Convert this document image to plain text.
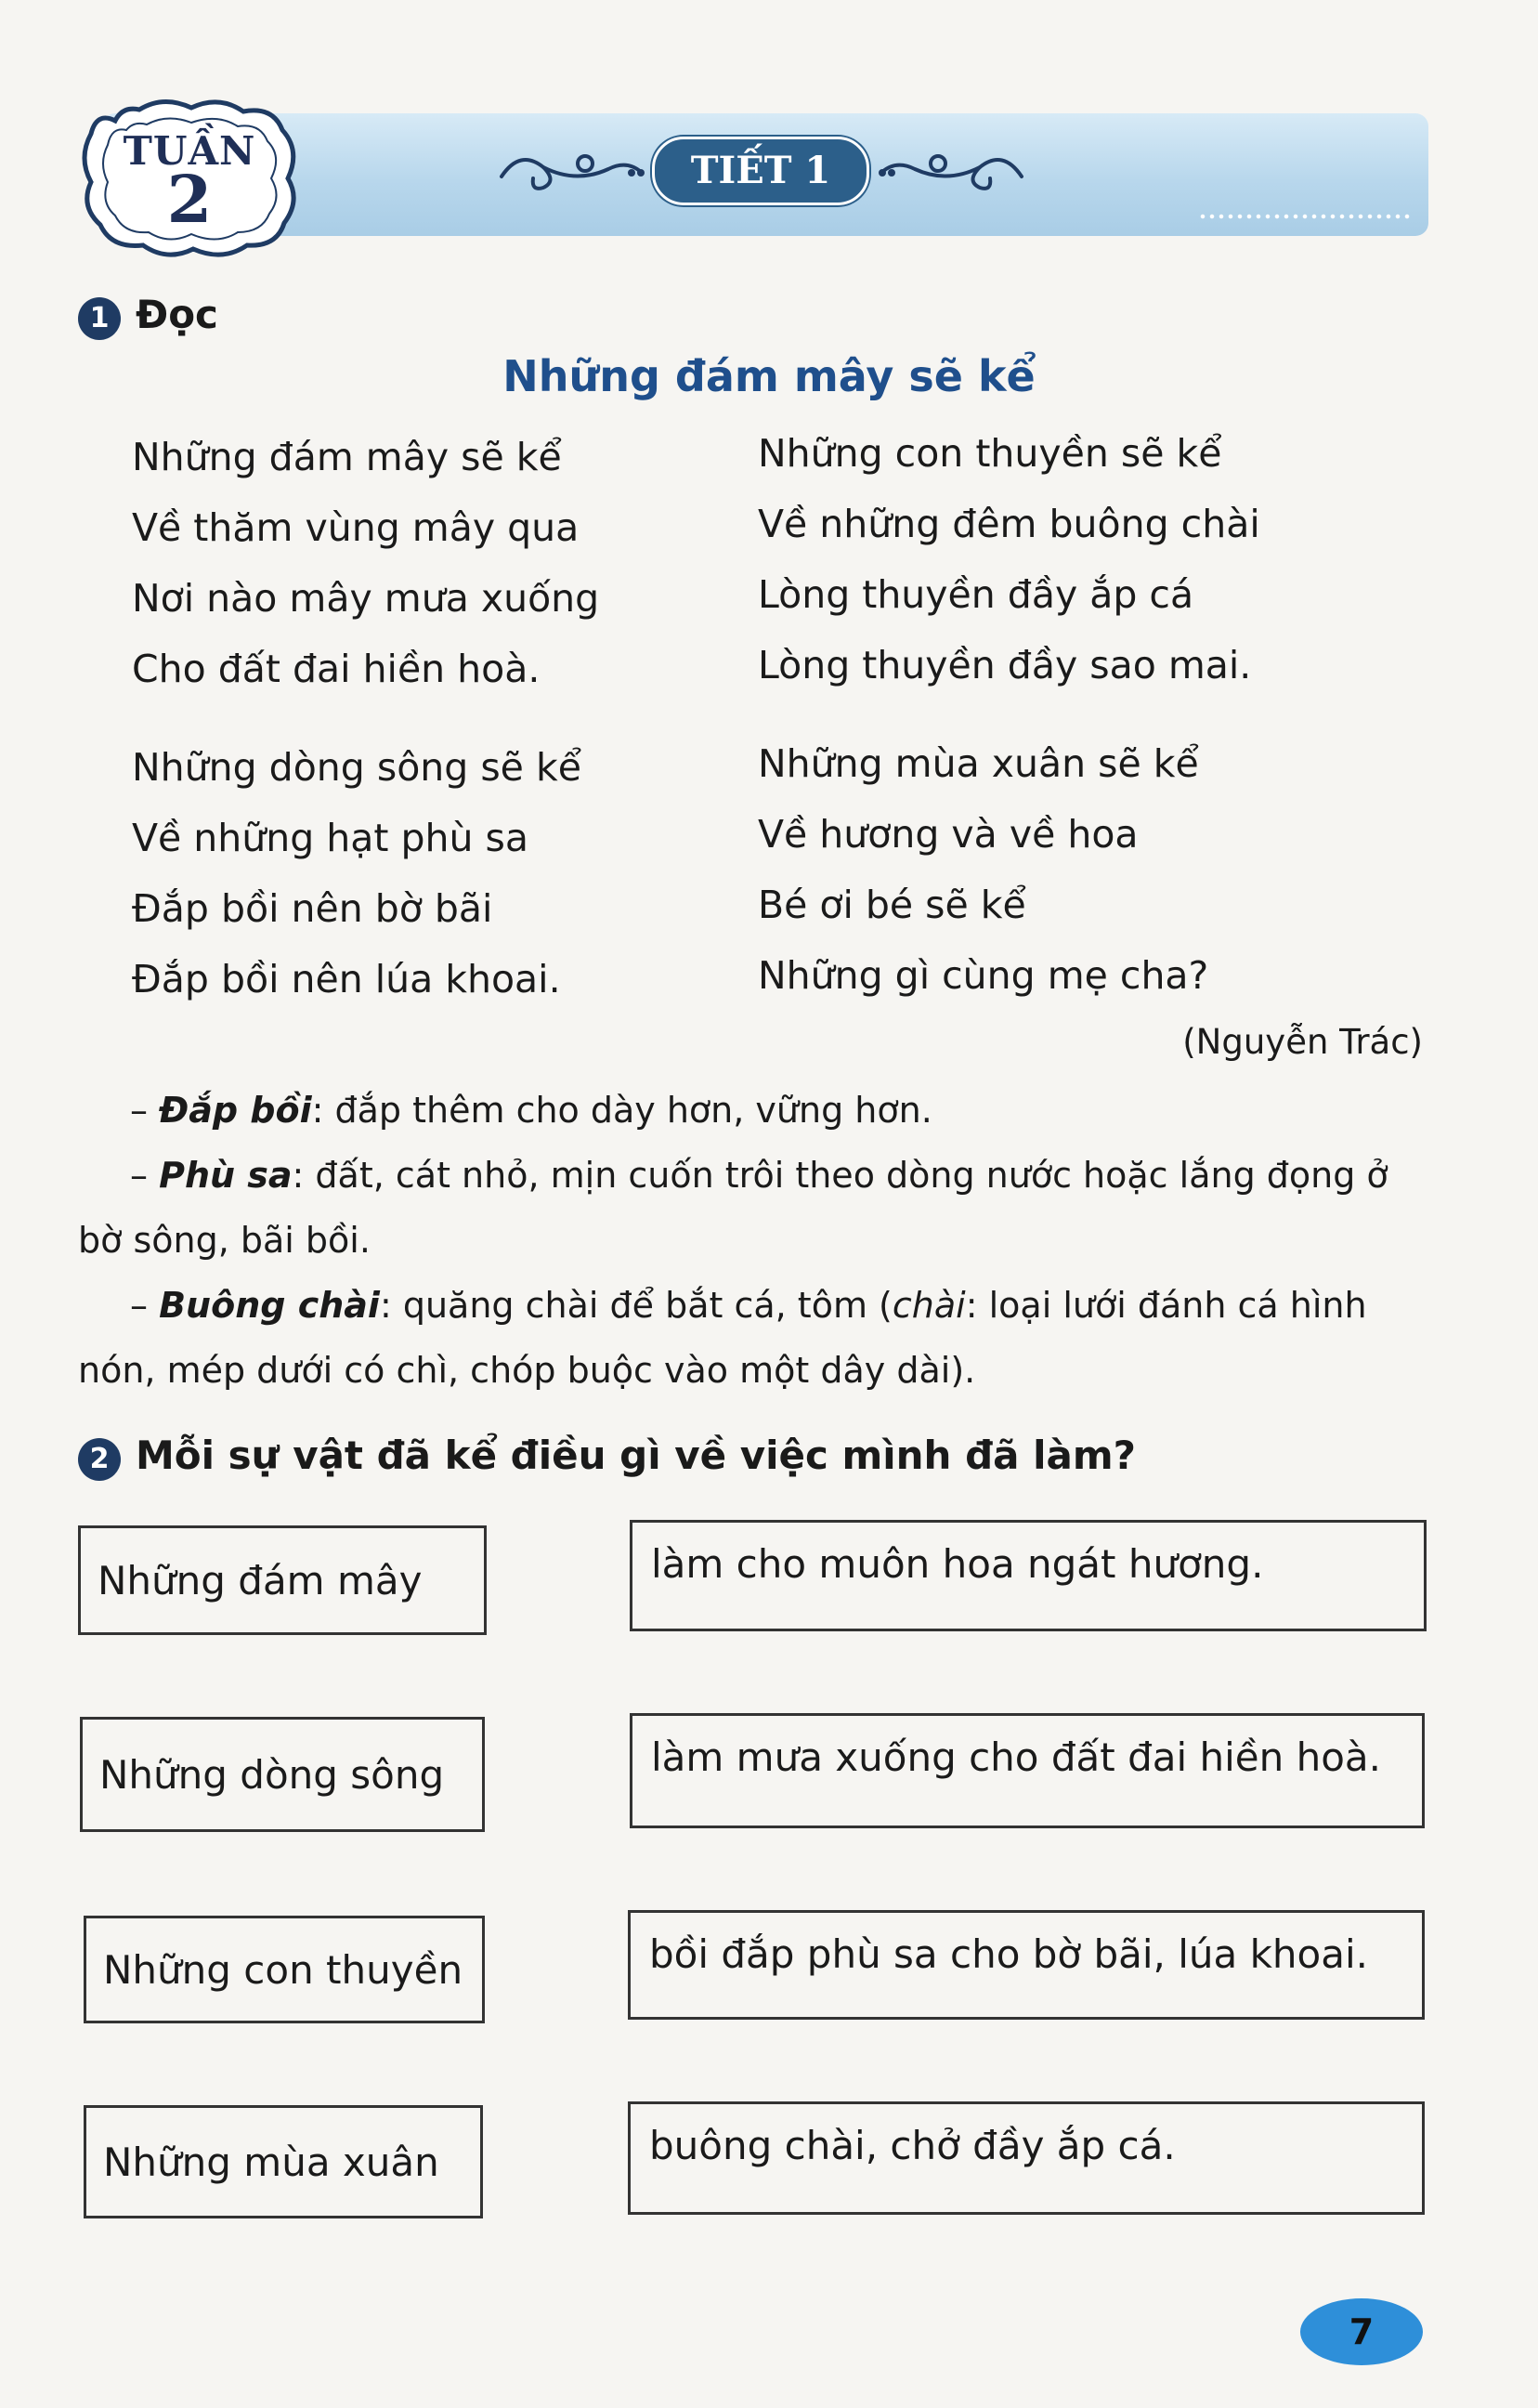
TUẦN
2	TIẾT 1
1 Đọc
Những đám mây sẽ kể
Những đám mây sẽ kể
Về thăm vùng mây qua
Nơi nào mây mưa xuống
Cho đất đai hiền hoà.
Những dòng sông sẽ kể
Về những hạt phù sa
Đắp bồi nên bờ bãi
Đắp bồi nên lúa khoai.
Những con thuyền sẽ kể
Về những đêm buông chài
Lòng thuyền đầy ắp cá
Lòng thuyền đầy sao mai.
Những mùa xuân sẽ kể
Về hương và về hoa
Bé ơi bé sẽ kể
Những gì cùng mẹ cha?
(Nguyễn Trác)
– Đắp bồi: đắp thêm cho dày hơn, vững hơn.
– Phù sa: đất, cát nhỏ, mịn cuốn trôi theo dòng nước hoặc lắng đọng ở bờ sông, bãi bồi.
– Buông chài: quăng chài để bắt cá, tôm (chài: loại lưới đánh cá hình nón, mép dưới có chì, chóp buộc vào một dây dài).
2 Mỗi sự vật đã kể điều gì về việc mình đã làm?
Những đám mây
Những dòng sông
Những con thuyền
Những mùa xuân
làm cho muôn hoa ngát hương.
làm mưa xuống cho đất đai hiền hoà.
bồi đắp phù sa cho bờ bãi, lúa khoai.
buông chài, chở đầy ắp cá.
7
